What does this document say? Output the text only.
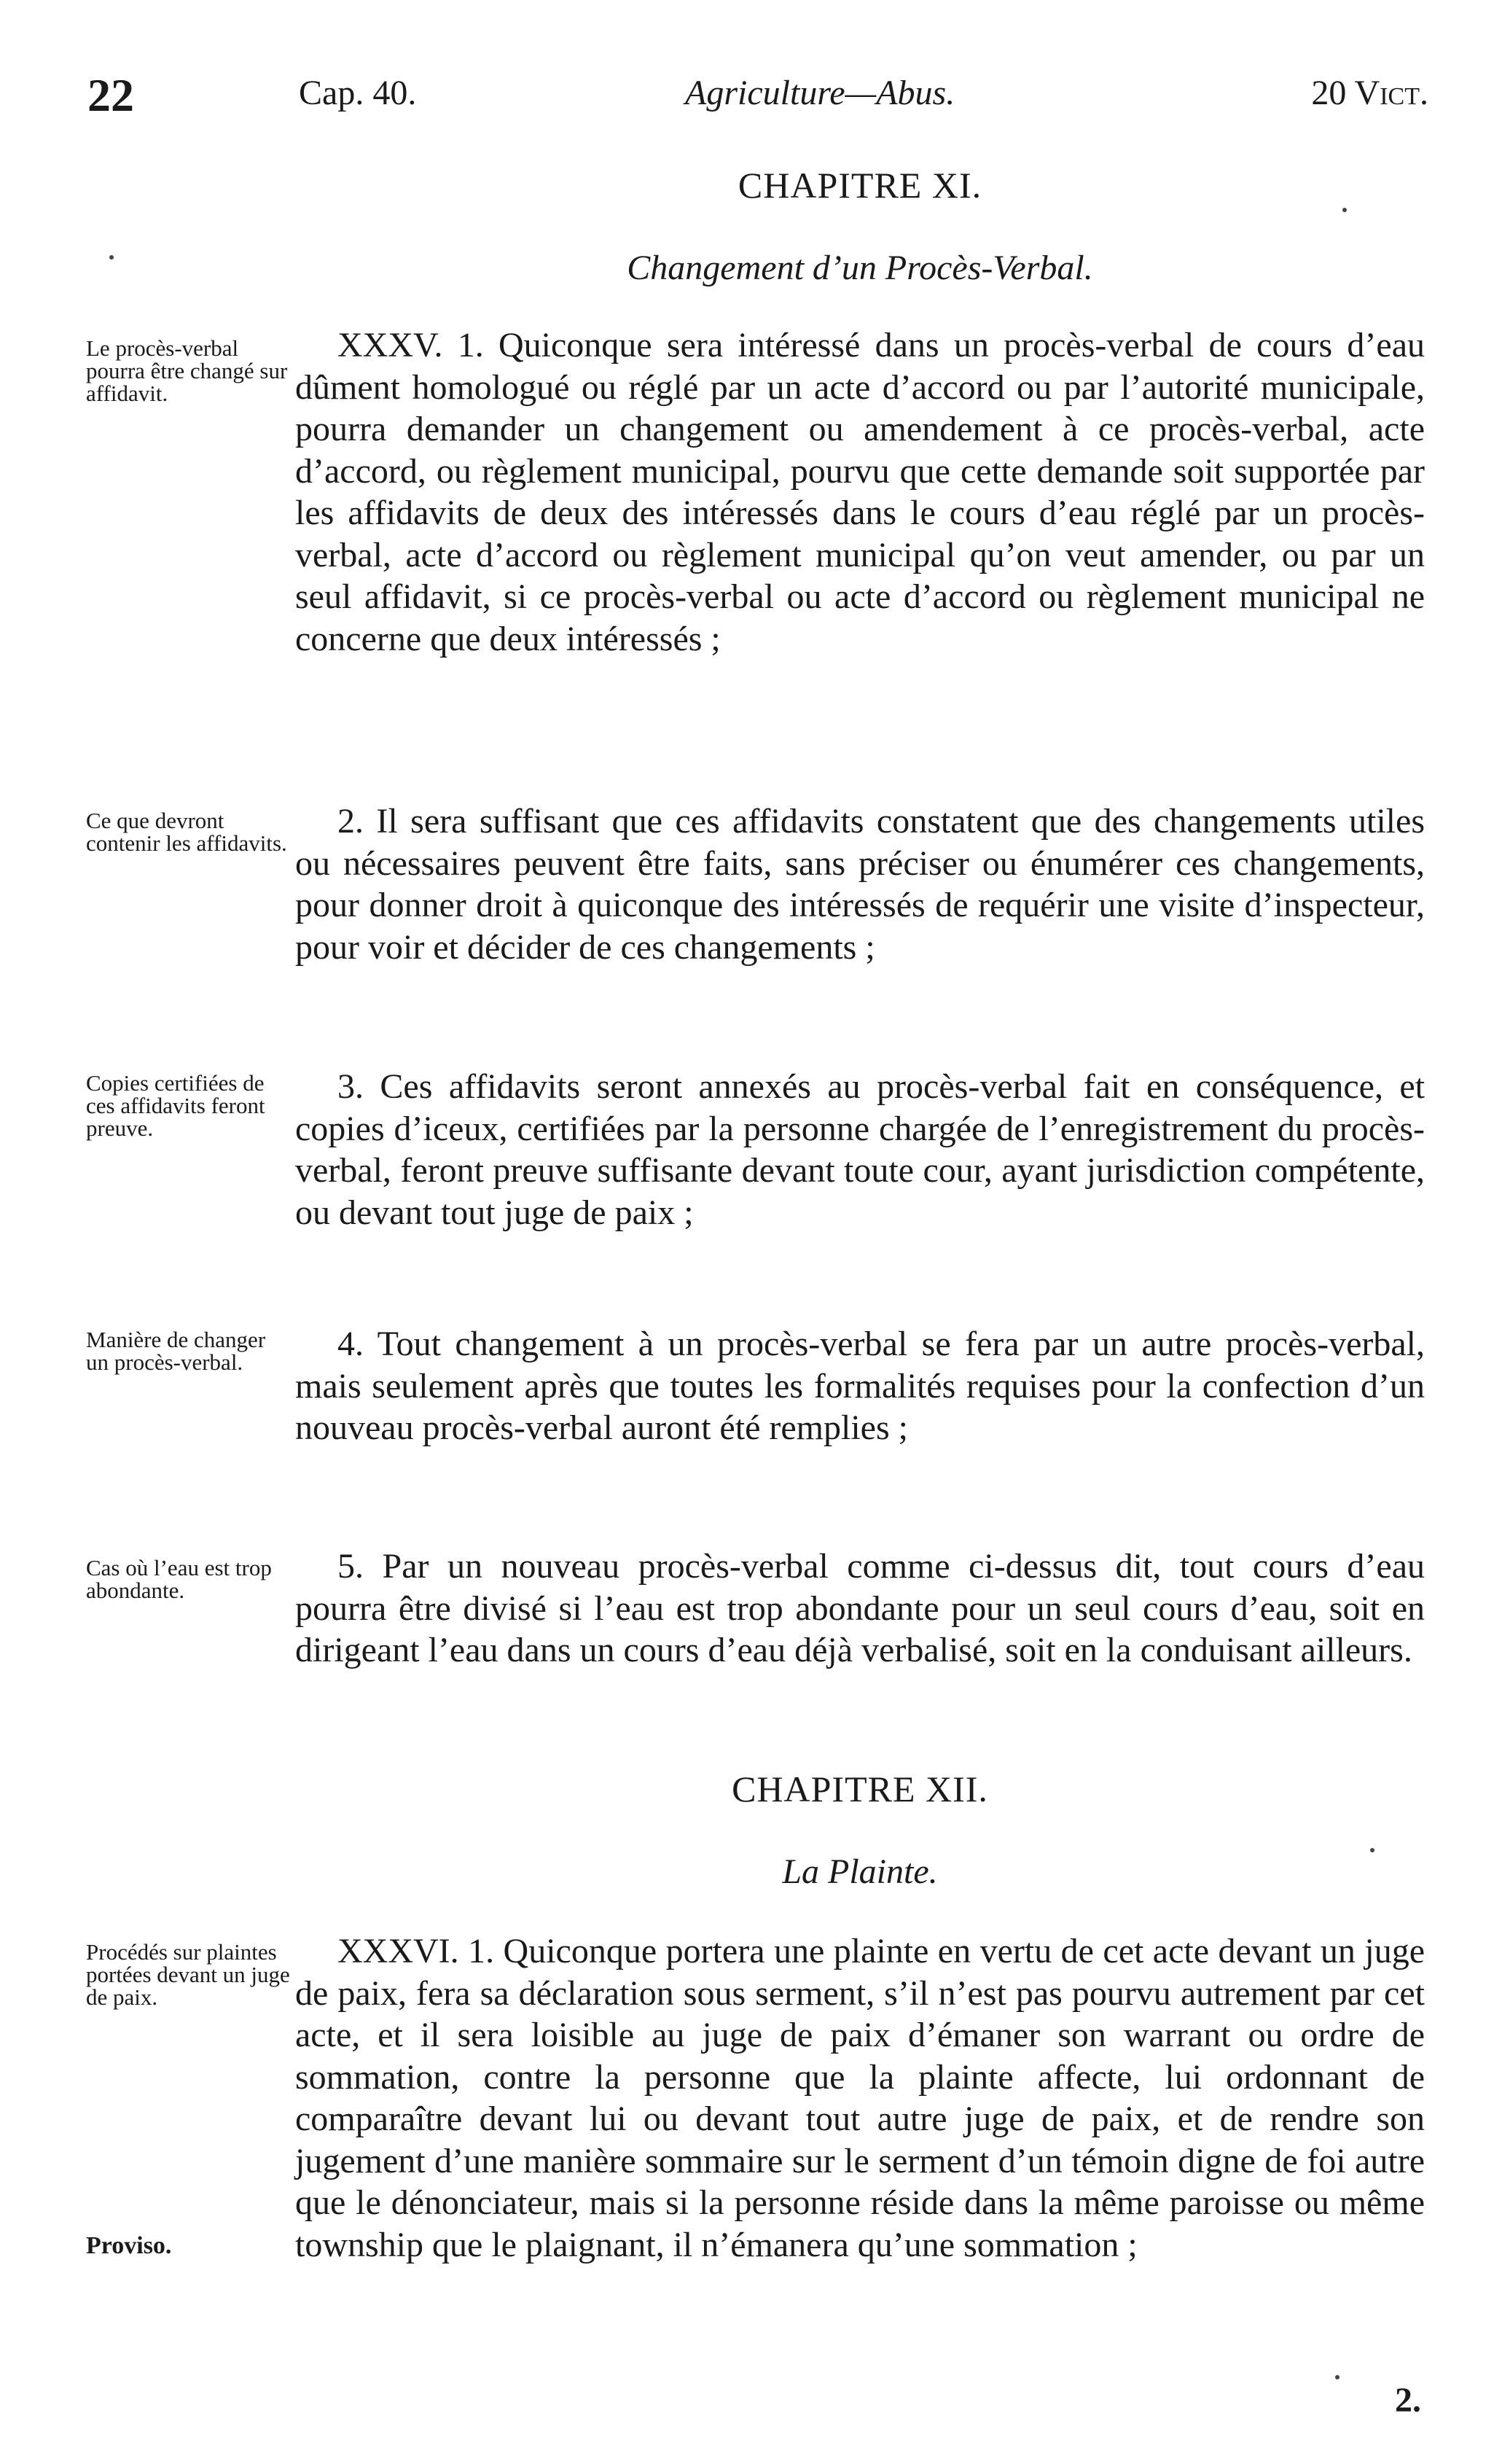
22	Cap. 40.	Agriculture—Abus.	20 Vict.
CHAPITRE XI.
Changement d’un Procès-Verbal.
Le procès-verbal pourra être changé sur affidavit.
XXXV. 1. Quiconque sera intéressé dans un procès-verbal de cours d’eau dûment homologué ou réglé par un acte d’accord ou par l’autorité municipale, pourra demander un changement ou amendement à ce procès-verbal, acte d’accord, ou règlement municipal, pourvu que cette demande soit supportée par les affidavits de deux des intéressés dans le cours d’eau réglé par un procès-verbal, acte d’accord ou règlement municipal qu’on veut amender, ou par un seul affidavit, si ce procès-verbal ou acte d’accord ou règlement municipal ne concerne que deux intéressés ;
Ce que devront contenir les affidavits.
2. Il sera suffisant que ces affidavits constatent que des changements utiles ou nécessaires peuvent être faits, sans préciser ou énumérer ces changements, pour donner droit à quiconque des intéressés de requérir une visite d’inspecteur, pour voir et décider de ces changements ;
Copies certifiées de ces affidavits feront preuve.
3. Ces affidavits seront annexés au procès-verbal fait en conséquence, et copies d’iceux, certifiées par la personne chargée de l’enregistrement du procès-verbal, feront preuve suffisante devant toute cour, ayant jurisdiction compétente, ou devant tout juge de paix ;
Manière de changer un procès-verbal.	4. Tout changement à un procès-verbal se fera par un autre procès-verbal, mais seulement après que toutes les formalités requises pour la confection d’un nouveau procès-verbal auront été remplies ;
Cas où l’eau est trop abondante.
5. Par un nouveau procès-verbal comme ci-dessus dit, tout cours d’eau pourra être divisé si l’eau est trop abondante pour un seul cours d’eau, soit en dirigeant l’eau dans un cours d’eau déjà verbalisé, soit en la conduisant ailleurs.
CHAPITRE XII.
La Plainte.
Procédés sur plaintes portées devant un juge de paix.
Proviso.
XXXVI. 1. Quiconque portera une plainte en vertu de cet acte devant un juge de paix, fera sa déclaration sous serment, s’il n’est pas pourvu autrement par cet acte, et il sera loisible au juge de paix d’émaner son warrant ou ordre de sommation, contre la personne que la plainte affecte, lui ordonnant de comparaître devant lui ou devant tout autre juge de paix, et de rendre son jugement d’une manière sommaire sur le serment d’un témoin digne de foi autre que le dénonciateur, mais si la personne réside dans la même paroisse ou même township que le plaignant, il n’émanera qu’une sommation ;
2.
